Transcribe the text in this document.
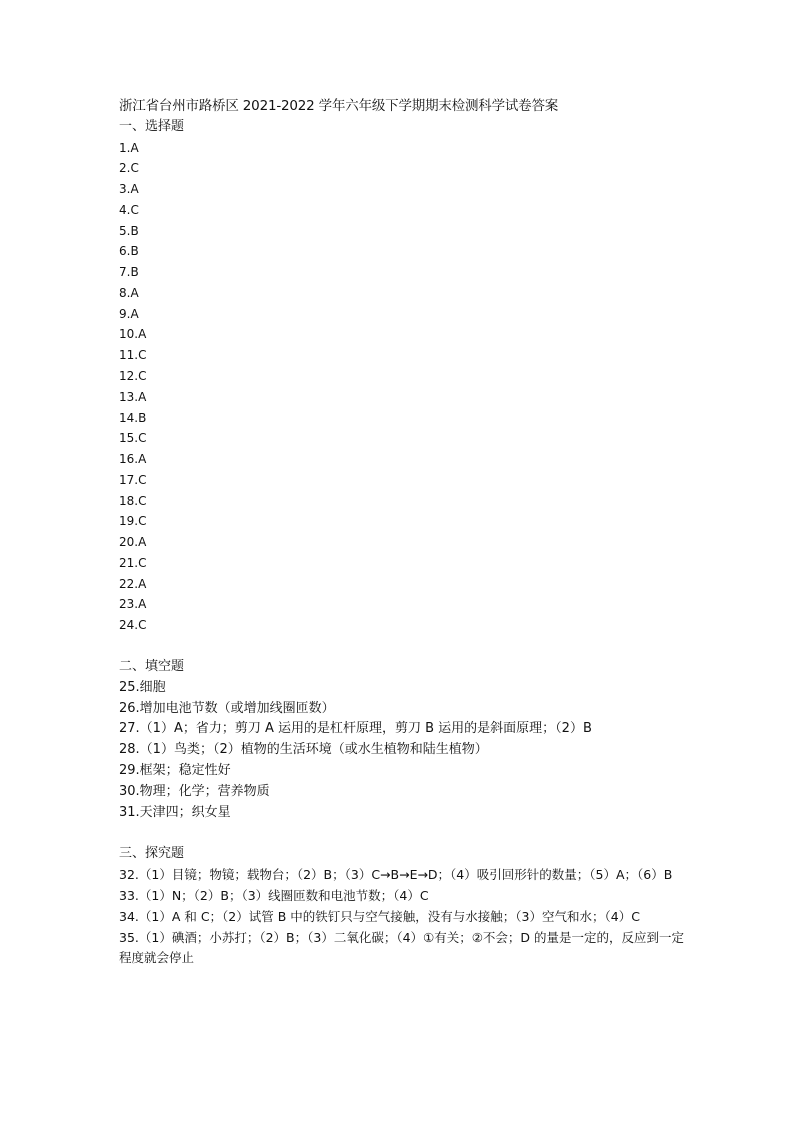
浙江省台州市路桥区 2021-2022 学年六年级下学期期末检测科学试卷答案
一、选择题
1.A
2.C
3.A
4.C
5.B
6.B
7.B
8.A
9.A
10.A
11.C
12.C
13.A
14.B
15.C
16.A
17.C
18.C
19.C
20.A
21.C
22.A
23.A
24.C
二、填空题
25.细胞
26.增加电池节数（或增加线圈匝数）
27.（1）A；省力；剪刀 A 运用的是杠杆原理，剪刀 B 运用的是斜面原理；（2）B
28.（1）鸟类；（2）植物的生活环境（或水生植物和陆生植物）
29.框架；稳定性好
30.物理；化学；营养物质
31.天津四；织女星
三、探究题
32.（1）目镜；物镜；载物台；（2）B；（3）C→B→E→D；（4）吸引回形针的数量；（5）A；（6）B
33.（1）N；（2）B；（3）线圈匝数和电池节数；（4）C
34.（1）A 和 C；（2）试管 B 中的铁钉只与空气接触，没有与水接触；（3）空气和水；（4）C
35.（1）碘酒；小苏打；（2）B；（3）二氧化碳；（4）①有关；②不会；D 的量是一定的，反应到一定程度就会停止
